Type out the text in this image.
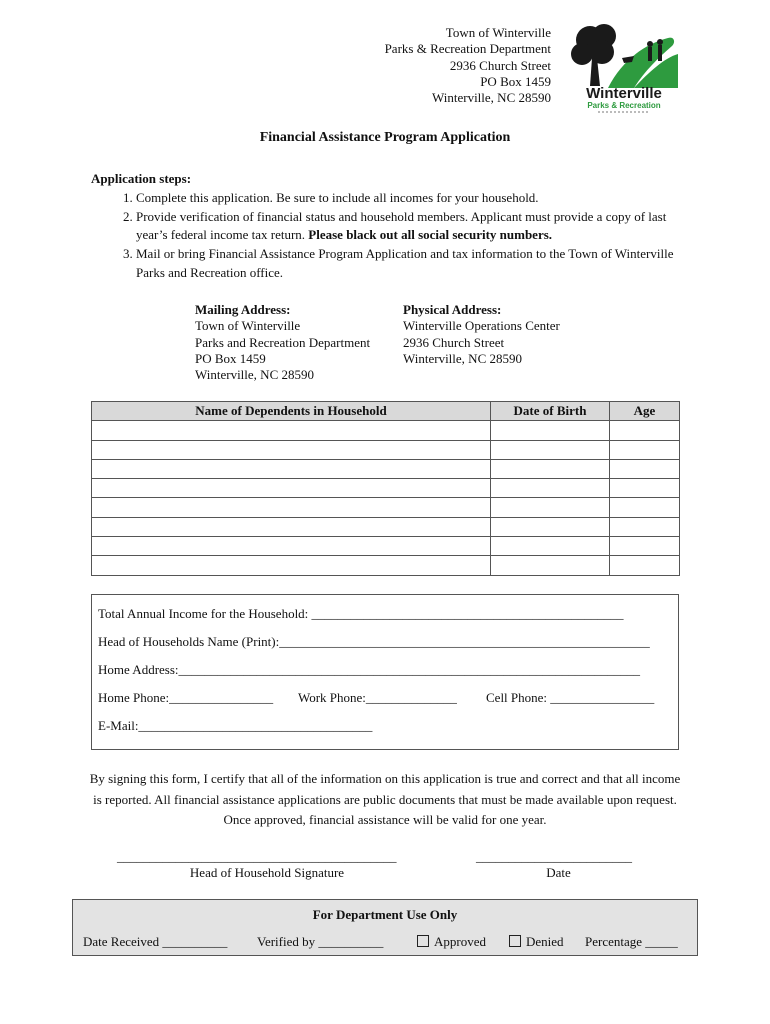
Town of Winterville
Parks & Recreation Department
2936 Church Street
PO Box 1459
Winterville, NC 28590 Winterville
Parks & Recreation
Financial Assistance Program Application
Application steps:
1. Complete this application. Be sure to include all incomes for your household.
2. Provide verification of financial status and household members. Applicant must provide a copy of last year’s federal income tax return. Please black out all social security numbers.
3. Mail or bring Financial Assistance Program Application and tax information to the Town of Winterville Parks and Recreation office.
Mailing Address:
Town of Winterville
Parks and Recreation Department
PO Box 1459
Winterville, NC 28590
Physical Address:
Winterville Operations Center
2936 Church Street
Winterville, NC 28590
Name of Dependents in Household	Date of Birth	Age

Total Annual Income for the Household: ________________________________________________
Head of Households Name (Print):_________________________________________________________
Home Address:_______________________________________________________________________
Home Phone:________________ Work Phone:______________ Cell Phone: ________________
E-Mail:____________________________________
By signing this form, I certify that all of the information on this application is true and correct and that all income is reported. All financial assistance applications are public documents that must be made available upon request. Once approved, financial assistance will be valid for one year.
___________________________________________	________________________
Head of Household Signature	Date
For Department Use Only
Date Received __________ Verified by __________	Approved	Denied Percentage _____
